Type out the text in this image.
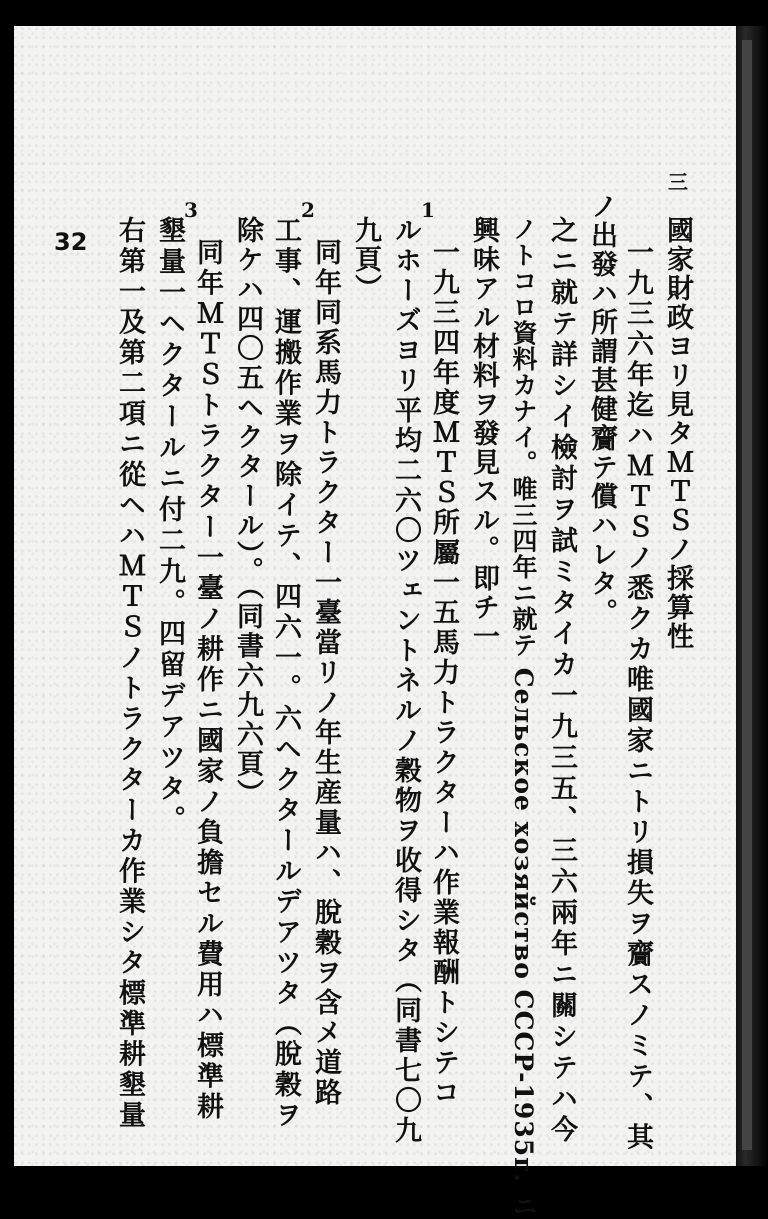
32
三
1
2
3
國家財政ヨリ見タＭＴＳノ採算性
一九三六年迄ハＭＴＳノ悉クカ唯國家ニトリ損失ヲ齎スノミテ、其
ノ出發ハ所謂甚健齎テ償ハレタ。
之ニ就テ詳シイ檢討ヲ試ミタイカ一九三五、三六兩年ニ關シテハ今
ノトコロ資料カナイ。唯三四年ニ就テ Сельское хозяйство СССР-1935г. ニ
興味アル材料ヲ發見スル。即チ一
一九三四年度ＭＴＳ所屬一五馬力トラクターハ作業報酬トシテコ
ルホーズヨリ平均二六〇ツェントネルノ穀物ヲ收得シタ（同書七〇九
九頁）
同年同系馬力トラクター一臺當リノ年生産量ハ、脫穀ヲ含メ道路
工事、運搬作業ヲ除イテ、四六一。六ヘクタールデアツタ（脫穀ヲ
除ケハ四〇五ヘクタール）。（同書六九六頁）
同年ＭＴＳトラクター一臺ノ耕作ニ國家ノ負擔セル費用ハ標準耕
墾量一ヘクタールニ付二九。四留デアツタ。
右第一及第二項ニ從ヘハＭＴＳノトラクターカ作業シタ標準耕墾量
